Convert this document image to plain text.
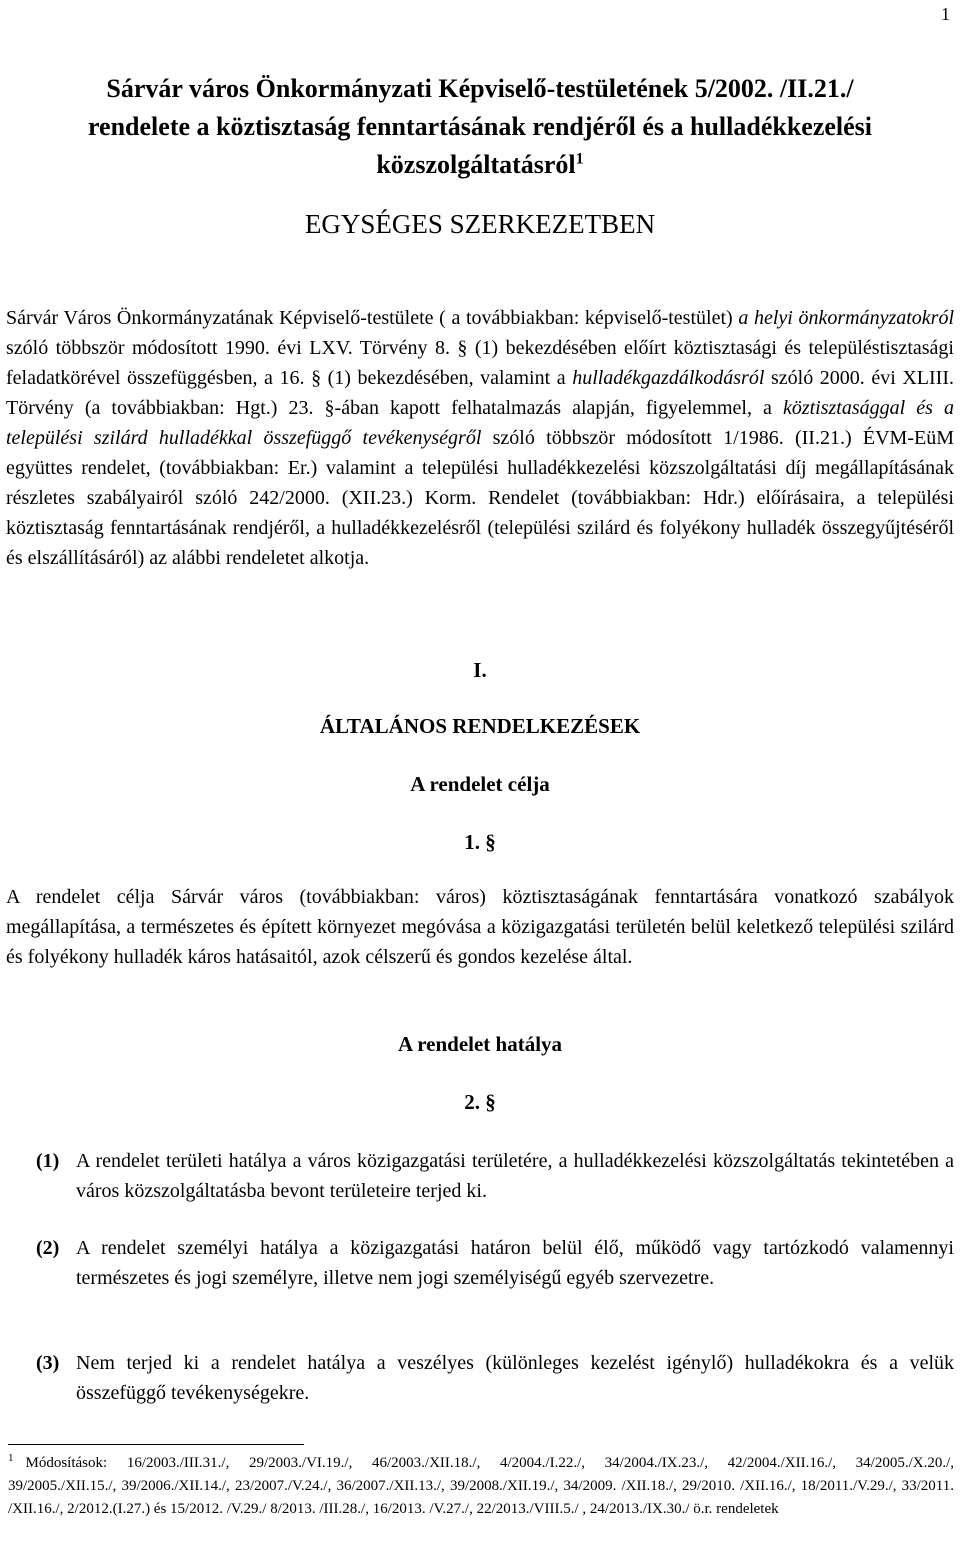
1
Sárvár város Önkormányzati Képviselő-testületének 5/2002. /II.21./
rendelete a köztisztaság fenntartásának rendjéről és a hulladékkezelési
közszolgáltatásról$^1$
EGYSÉGES SZERKEZETBEN
Sárvár Város Önkormányzatának Képviselő-testülete ( a továbbiakban: képviselő-testület) a helyi önkormányzatokról szóló többször módosított 1990. évi LXV. Törvény 8. § (1) bekezdésében előírt köztisztasági és településtisztasági feladatkörével összefüggésben, a 16. § (1) bekezdésében, valamint a hulladékgazdálkodásról szóló 2000. évi XLIII. Törvény (a továbbiakban: Hgt.) 23. §-ában kapott felhatalmazás alapján, figyelemmel, a köztisztasággal és a települési szilárd hulladékkal összefüggő tevékenységről szóló többször módosított 1/1986. (II.21.) ÉVM-EüM együttes rendelet, (továbbiakban: Er.) valamint a települési hulladékkezelési közszolgáltatási díj megállapításának részletes szabályairól szóló 242/2000. (XII.23.) Korm. Rendelet (továbbiakban: Hdr.) előírásaira, a települési köztisztaság fenntartásának rendjéről, a hulladékkezelésről (települési szilárd és folyékony hulladék összegyűjtéséről és elszállításáról) az alábbi rendeletet alkotja.
I.
ÁLTALÁNOS RENDELKEZÉSEK
A rendelet célja
1. §
A rendelet célja Sárvár város (továbbiakban: város) köztisztaságának fenntartására vonatkozó szabályok megállapítása, a természetes és épített környezet megóvása a közigazgatási területén belül keletkező települési szilárd és folyékony hulladék káros hatásaitól, azok célszerű és gondos kezelése által.
A rendelet hatálya
2. §
(1) A rendelet területi hatálya a város közigazgatási területére, a hulladékkezelési közszolgáltatás tekintetében a város közszolgáltatásba bevont területeire terjed ki.
(2) A rendelet személyi hatálya a közigazgatási határon belül élő, működő vagy tartózkodó valamennyi természetes és jogi személyre, illetve nem jogi személyiségű egyéb szervezetre.
(3) Nem terjed ki a rendelet hatálya a veszélyes (különleges kezelést igénylő) hulladékokra és a velük összefüggő tevékenységekre.
$^1$ Módosítások: 16/2003./III.31./, 29/2003./VI.19./, 46/2003./XII.18./, 4/2004./I.22./, 34/2004./IX.23./, 42/2004./XII.16./, 34/2005./X.20./, 39/2005./XII.15./, 39/2006./XII.14./, 23/2007./V.24./, 36/2007./XII.13./, 39/2008./XII.19./, 34/2009. /XII.18./, 29/2010. /XII.16./, 18/2011./V.29./, 33/2011. /XII.16./, 2/2012.(I.27.) és 15/2012. /V.29./ 8/2013. /III.28./, 16/2013. /V.27./, 22/2013./VIII.5./ , 24/2013./IX.30./ ö.r. rendeletek
